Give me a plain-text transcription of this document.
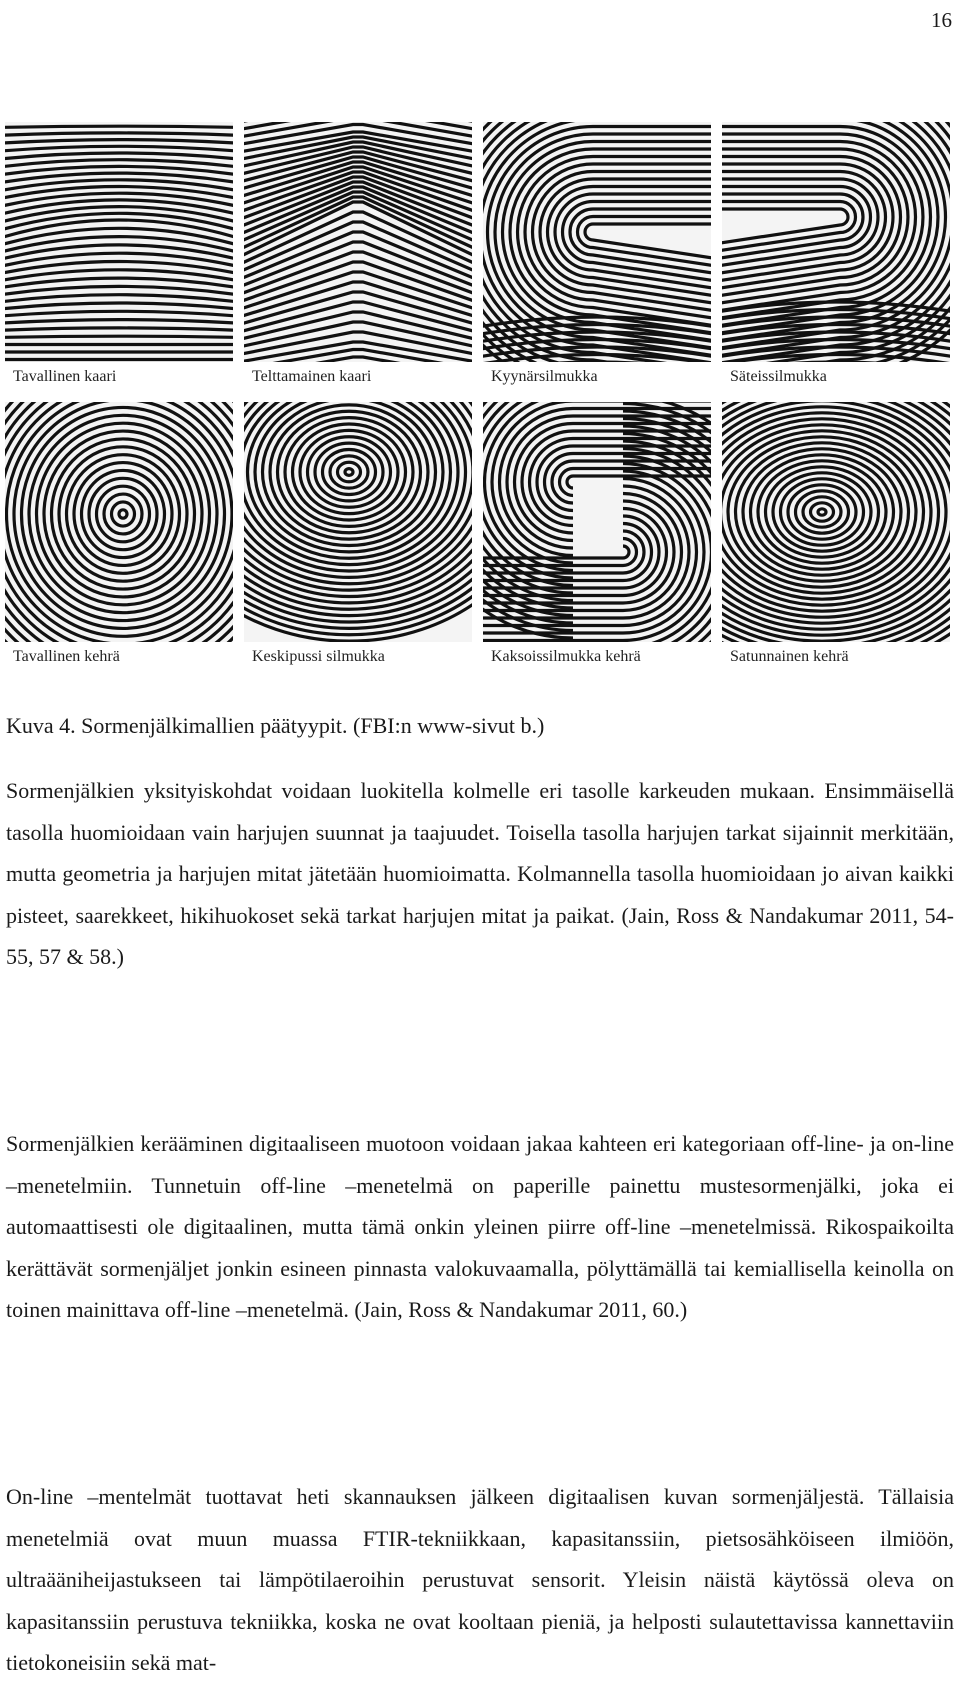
16
Tavallinen kaari	Telttamainen kaari	Kyynärsilmukka	Säteissilmukka
Tavallinen kehrä	Keskipussi silmukka	Kaksoissilmukka kehrä	Satunnainen kehrä
Kuva 4. Sormenjälkimallien päätyypit. (FBI:n www-sivut b.)

Sormenjälkien yksityiskohdat voidaan luokitella kolmelle eri tasolle karkeuden mukaan. Ensimmäisellä tasolla huomioidaan vain harjujen suunnat ja taajuudet. Toisella tasolla harjujen tarkat sijainnit merkitään, mutta geometria ja harjujen mitat jätetään huomioimatta. Kolmannella tasolla huomioidaan jo aivan kaikki pisteet, saarekkeet, hikihuokoset sekä tarkat harjujen mitat ja paikat. (Jain, Ross & Nandakumar 2011, 54-55, 57 & 58.)

Sormenjälkien kerääminen digitaaliseen muotoon voidaan jakaa kahteen eri kategoriaan off-line- ja on-line –menetelmiin. Tunnetuin off-line –menetelmä on paperille painettu mustesormenjälki, joka ei automaattisesti ole digitaalinen, mutta tämä onkin yleinen piirre off-line –menetelmissä. Rikospaikoilta kerättävät sormenjäljet jonkin esineen pinnasta valokuvaamalla, pölyttämällä tai kemiallisella keinolla on toinen mainittava off-line –menetelmä. (Jain, Ross & Nandakumar 2011, 60.)

On-line –mentelmät tuottavat heti skannauksen jälkeen digitaalisen kuvan sormenjäljestä. Tällaisia menetelmiä ovat muun muassa FTIR-tekniikkaan, kapasitanssiin, pietsosähköiseen ilmiöön, ultraääniheijastukseen tai lämpötilaeroihin perustuvat sensorit. Yleisin näistä käytössä oleva on kapasitanssiin perustuva tekniikka, koska ne ovat kooltaan pieniä, ja helposti sulautettavissa kannettaviin tietokoneisiin sekä mat-
